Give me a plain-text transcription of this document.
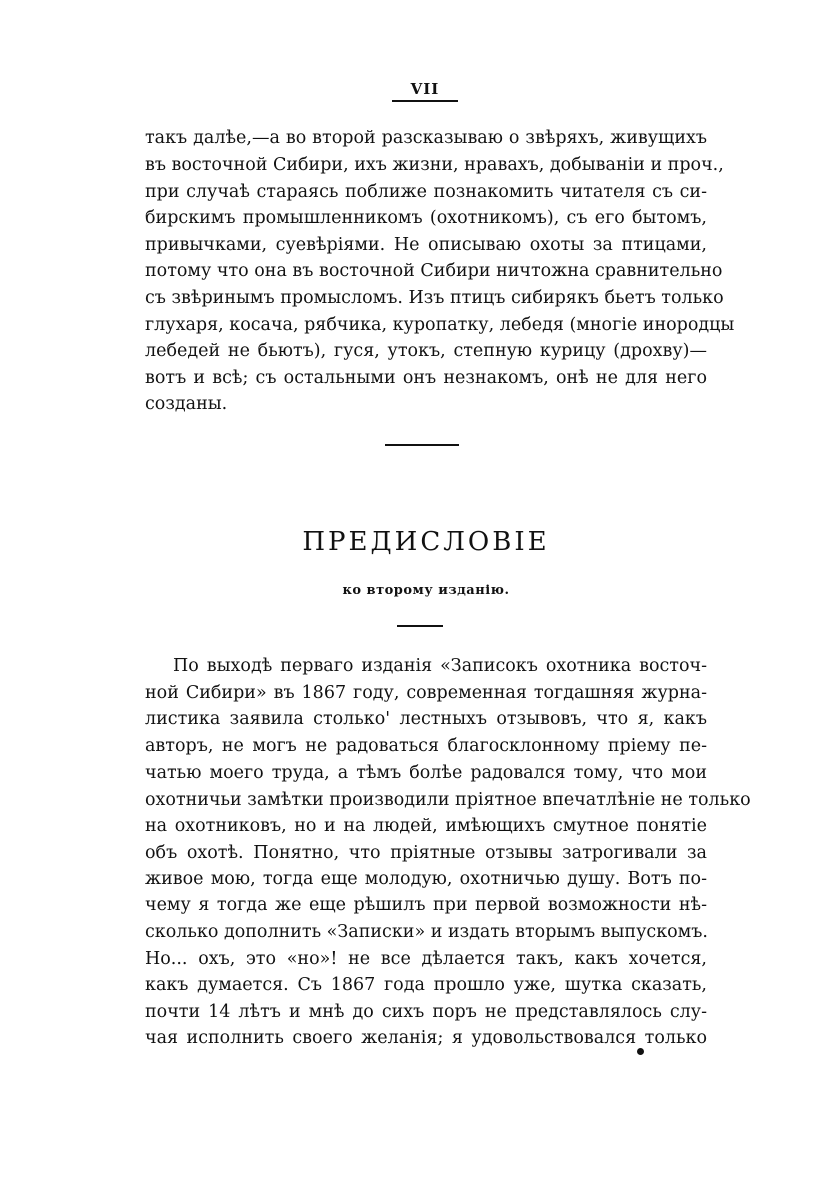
VII
такъ далѣе,—а во второй разсказываю о звѣряхъ, живущихъ
въ восточной Сибири, ихъ жизни, нравахъ, добываніи и проч.,
при случаѣ стараясь поближе познакомить читателя съ си-
бирскимъ промышленникомъ (охотникомъ), съ его бытомъ,
привычками, суевѣріями. Не описываю охоты за птицами,
потому что она въ восточной Сибири ничтожна сравнительно
съ звѣринымъ промысломъ. Изъ птицъ сибирякъ бьетъ только
глухаря, косача, рябчика, куропатку, лебедя (многіе инородцы
лебедей не бьютъ), гуся, утокъ, степную курицу (дрохву)—
вотъ и всѣ; съ остальными онъ незнакомъ, онѣ не для него
созданы.
ПРЕДИСЛОВІЕ
ко второму изданію.
По выходѣ перваго изданія «Записокъ охотника восточ-
ной Сибири» въ 1867 году, современная тогдашняя журна-
листика заявила столько' лестныхъ отзывовъ, что я, какъ
авторъ, не могъ не радоваться благосклонному пріему пе-
чатью моего труда, а тѣмъ болѣе радовался тому, что мои
охотничьи замѣтки производили пріятное впечатлѣніе не только
на охотниковъ, но и на людей, имѣющихъ смутное понятіе
объ охотѣ. Понятно, что пріятные отзывы затрогивали за
живое мою, тогда еще молодую, охотничью душу. Вотъ по-
чему я тогда же еще рѣшилъ при первой возможности нѣ-
сколько дополнить «Записки» и издать вторымъ выпускомъ.
Но... охъ, это «но»! не все дѣлается такъ, какъ хочется,
какъ думается. Съ 1867 года прошло уже, шутка сказать,
почти 14 лѣтъ и мнѣ до сихъ поръ не представлялось слу-
чая исполнить своего желанія; я удовольствовался только
